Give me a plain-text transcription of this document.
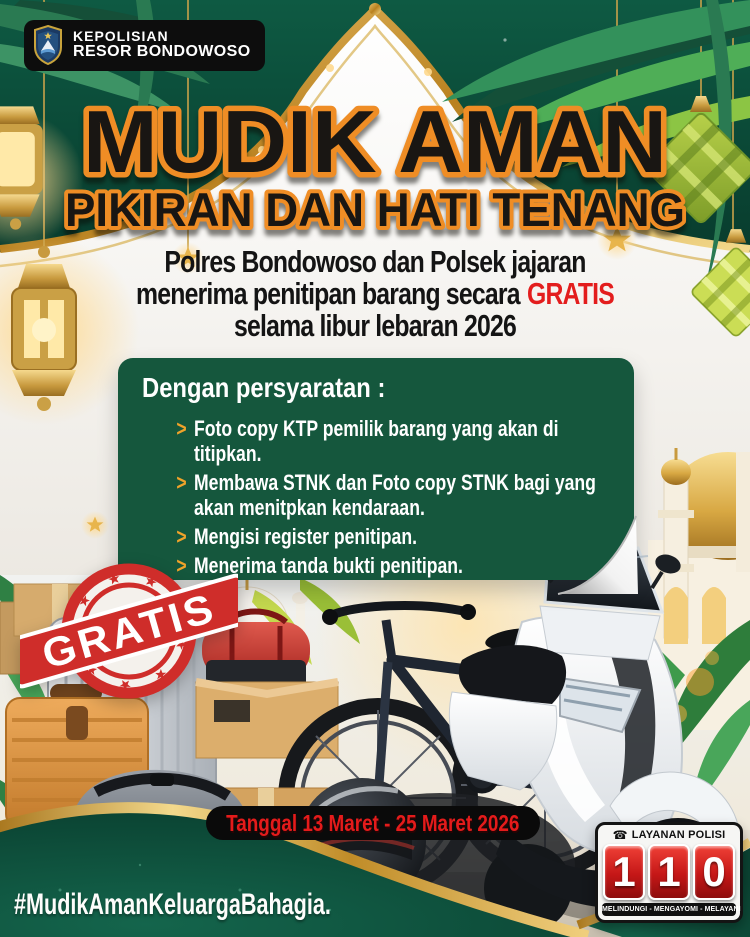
KEPOLISIAN
RESOR BONDOWOSO
MUDIK AMAN
PIKIRAN DAN HATI TENANG
Polres Bondowoso dan Polsek jajaran
menerima penitipan barang secara GRATIS
selama libur lebaran 2026
Dengan persyaratan :
> Foto copy KTP pemilik barang yang akan di titipkan.
> Membawa STNK dan Foto copy STNK bagi yang akan menitpkan kendaraan.
> Mengisi register penitipan.
> Menerima tanda bukti penitipan.
GRATIS
#MudikAmanKeluargaBahagia.
Tanggal 13 Maret - 25 Maret 2026	☎ LAYANAN POLISI
1 1 0
MELINDUNGI - MENGAYOMI - MELAYANI
